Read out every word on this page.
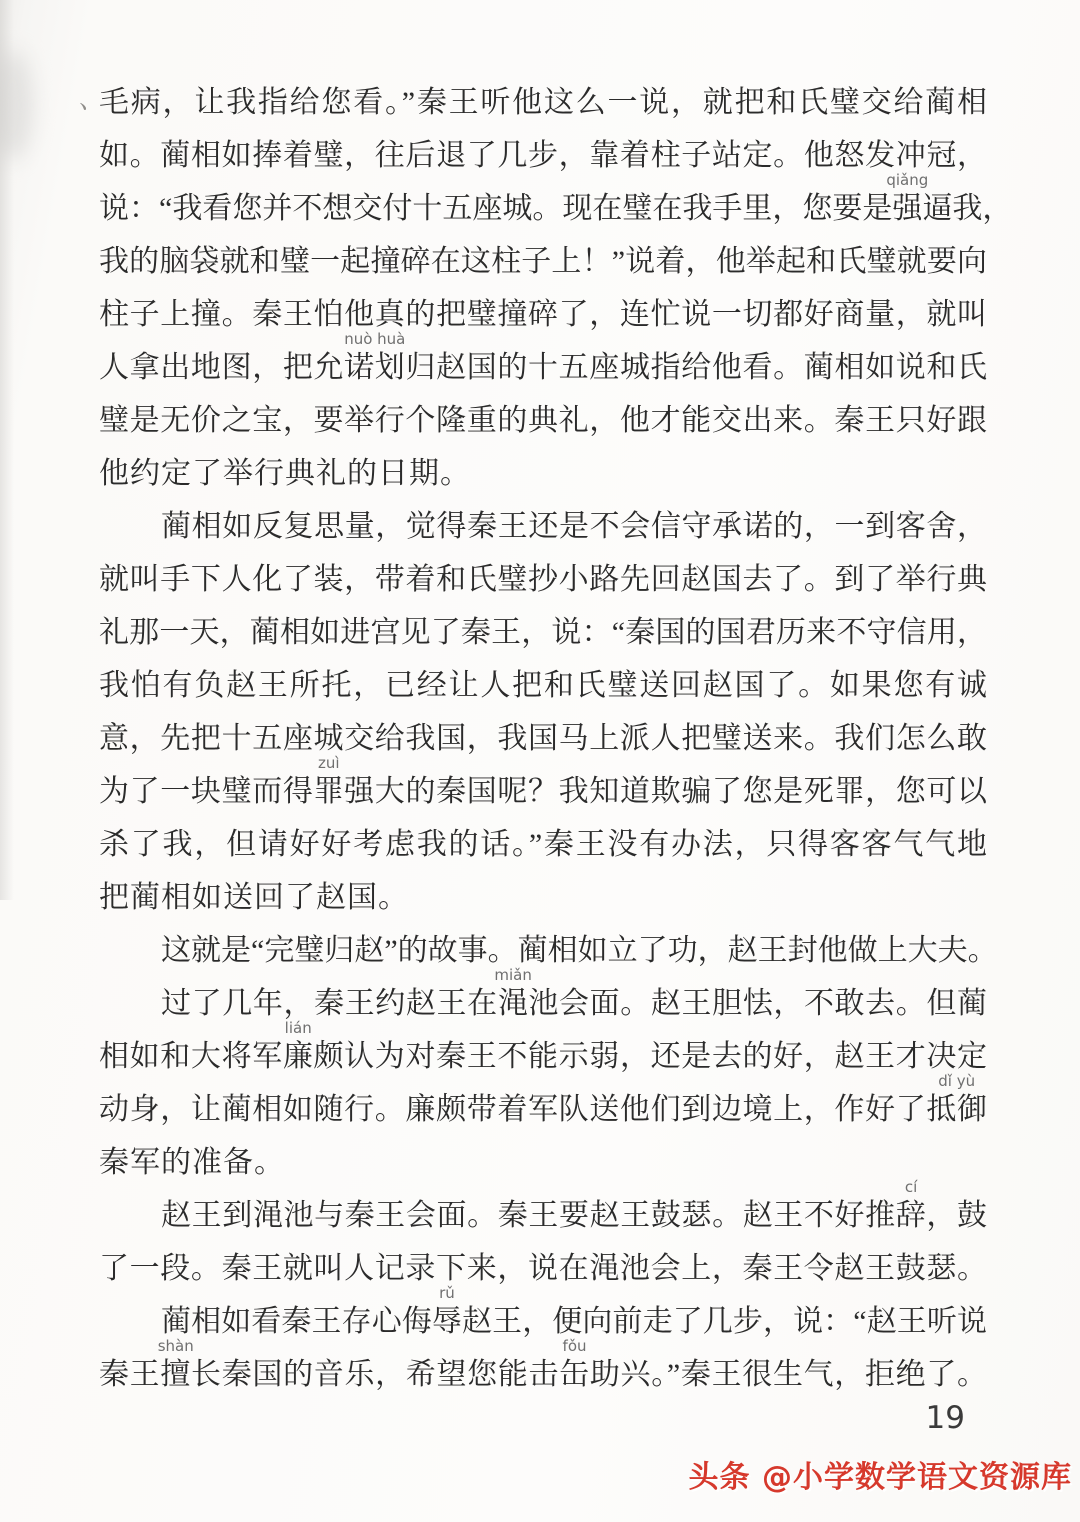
、
毛病，让我指给您看。”秦王听他这么一说，就把和氏璧交给蔺相
如。蔺相如捧着璧，往后退了几步，靠着柱子站定。他怒发冲冠，
说：“我看您并不想交付十五座城。现在璧在我手里，您要是强
qiǎng
逼我，
我的脑袋就和璧一起撞碎在这柱子上！”说着，他举起和氏璧就要向
柱子上撞。秦王怕他真的把璧撞碎了，连忙说一切都好商量，就叫
人拿出地图，把允诺划
nuò huà
归赵国的十五座城指给他看。蔺相如说和氏
璧是无价之宝，要举行个隆重的典礼，他才能交出来。秦王只好跟
他约定了举行典礼的日期。
蔺相如反复思量，觉得秦王还是不会信守承诺的，一到客舍，
就叫手下人化了装，带着和氏璧抄小路先回赵国去了。到了举行典
礼那一天，蔺相如进宫见了秦王，说：“秦国的国君历来不守信用，
我怕有负赵王所托，已经让人把和氏璧送回赵国了。如果您有诚
意，先把十五座城交给我国，我国马上派人把璧送来。我们怎么敢
为了一块璧而得罪
zuì
强大的秦国呢？我知道欺骗了您是死罪，您可以
杀了我，但请好好考虑我的话。”秦王没有办法，只得客客气气地
把蔺相如送回了赵国。
这就是“完璧归赵”的故事。蔺相如立了功，赵王封他做上大夫。
过了几年，秦王约赵王在渑
miǎn
池会面。赵王胆怯，不敢去。但蔺
相如和大将军廉
lián
颇认为对秦王不能示弱，还是去的好，赵王才决定
动身，让蔺相如随行。廉颇带着军队送他们到边境上，作好了抵御
dǐ yù
秦军的准备。
赵王到渑池与秦王会面。秦王要赵王鼓瑟。赵王不好推辞
cí
，鼓
了一段。秦王就叫人记录下来，说在渑池会上，秦王令赵王鼓瑟。
蔺相如看秦王存心侮辱
rǔ
赵王，便向前走了几步，说：“赵王听说
秦王擅
shàn
长秦国的音乐，希望您能击缶
fǒu
助兴。”秦王很生气，拒绝了。
19
头条 @小学数学语文资源库
